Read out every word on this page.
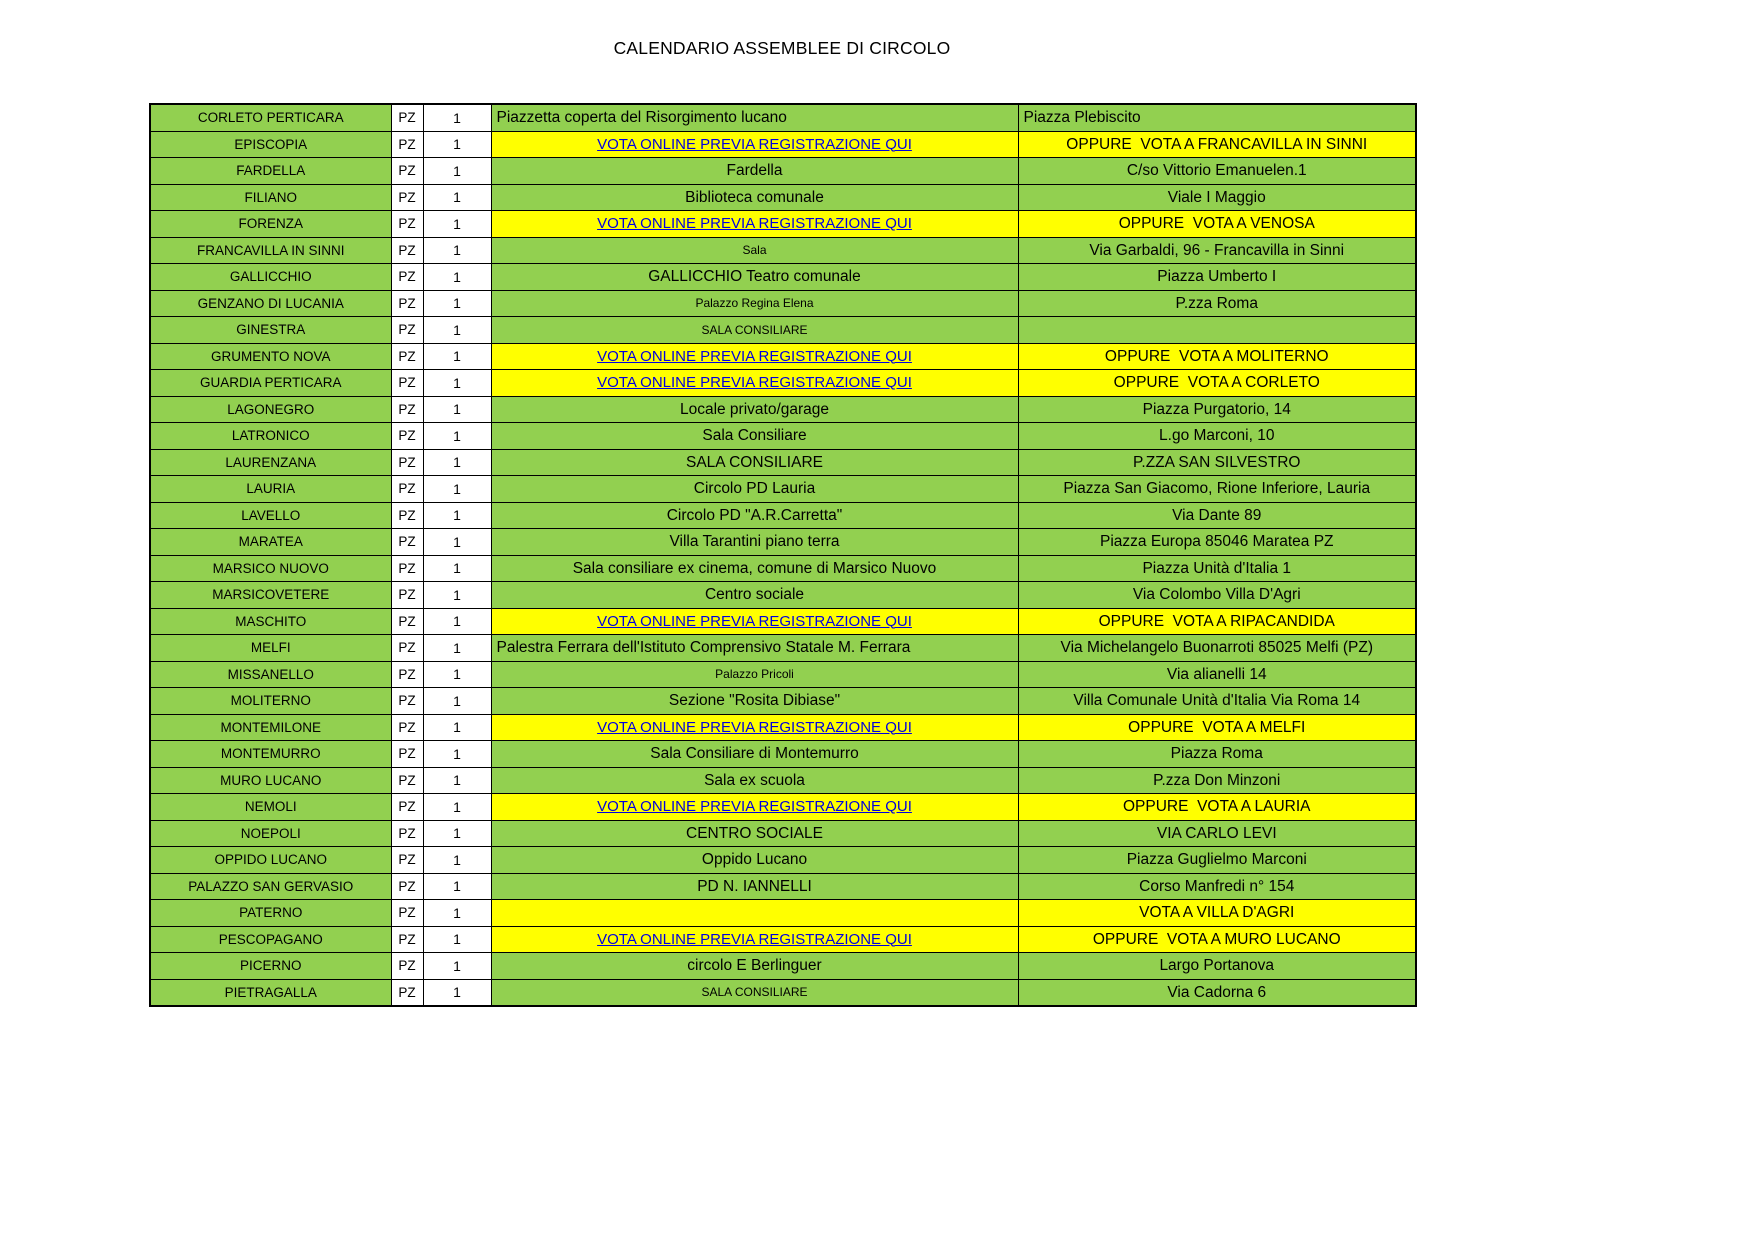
CALENDARIO ASSEMBLEE DI CIRCOLO
CORLETO PERTICARA	PZ	1	Piazzetta coperta del Risorgimento lucano	Piazza Plebiscito
EPISCOPIA	PZ	1	VOTA ONLINE PREVIA REGISTRAZIONE QUI	OPPURE  VOTA A FRANCAVILLA IN SINNI
FARDELLA	PZ	1	Fardella	C/so Vittorio Emanuelen.1
FILIANO	PZ	1	Biblioteca comunale	Viale I Maggio
FORENZA	PZ	1	VOTA ONLINE PREVIA REGISTRAZIONE QUI	OPPURE  VOTA A VENOSA
FRANCAVILLA IN SINNI	PZ	1	Sala	Via Garbaldi, 96 - Francavilla in Sinni
GALLICCHIO	PZ	1	GALLICCHIO Teatro comunale	Piazza Umberto I
GENZANO DI LUCANIA	PZ	1	Palazzo Regina Elena	P.zza Roma
GINESTRA	PZ	1	SALA CONSILIARE	
GRUMENTO NOVA	PZ	1	VOTA ONLINE PREVIA REGISTRAZIONE QUI	OPPURE  VOTA A MOLITERNO
GUARDIA PERTICARA	PZ	1	VOTA ONLINE PREVIA REGISTRAZIONE QUI	OPPURE  VOTA A CORLETO
LAGONEGRO	PZ	1	Locale privato/garage	Piazza Purgatorio, 14
LATRONICO	PZ	1	Sala Consiliare	L.go Marconi, 10
LAURENZANA	PZ	1	SALA CONSILIARE	P.ZZA SAN SILVESTRO
LAURIA	PZ	1	Circolo PD Lauria	Piazza San Giacomo, Rione Inferiore, Lauria
LAVELLO	PZ	1	Circolo PD "A.R.Carretta"	Via Dante 89
MARATEA	PZ	1	Villa Tarantini piano terra	Piazza Europa 85046 Maratea PZ
MARSICO NUOVO	PZ	1	Sala consiliare ex cinema, comune di Marsico Nuovo	Piazza Unità d'Italia 1
MARSICOVETERE	PZ	1	Centro sociale	Via Colombo Villa D'Agri
MASCHITO	PZ	1	VOTA ONLINE PREVIA REGISTRAZIONE QUI	OPPURE  VOTA A RIPACANDIDA
MELFI	PZ	1	Palestra Ferrara dell'Istituto Comprensivo Statale M. Ferrara	Via Michelangelo Buonarroti 85025 Melfi (PZ)
MISSANELLO	PZ	1	Palazzo Pricoli	Via alianelli 14
MOLITERNO	PZ	1	Sezione "Rosita Dibiase"	Villa Comunale Unità d'Italia Via Roma 14
MONTEMILONE	PZ	1	VOTA ONLINE PREVIA REGISTRAZIONE QUI	OPPURE  VOTA A MELFI
MONTEMURRO	PZ	1	Sala Consiliare di Montemurro	Piazza Roma
MURO LUCANO	PZ	1	Sala ex scuola	P.zza Don Minzoni
NEMOLI	PZ	1	VOTA ONLINE PREVIA REGISTRAZIONE QUI	OPPURE  VOTA A LAURIA
NOEPOLI	PZ	1	CENTRO SOCIALE	VIA CARLO LEVI
OPPIDO LUCANO	PZ	1	Oppido Lucano	Piazza Guglielmo Marconi
PALAZZO SAN GERVASIO	PZ	1	PD N. IANNELLI	Corso Manfredi n° 154
PATERNO	PZ	1		VOTA A VILLA D'AGRI
PESCOPAGANO	PZ	1	VOTA ONLINE PREVIA REGISTRAZIONE QUI	OPPURE  VOTA A MURO LUCANO
PICERNO	PZ	1	circolo E Berlinguer	Largo Portanova
PIETRAGALLA	PZ	1	SALA CONSILIARE	Via Cadorna 6
